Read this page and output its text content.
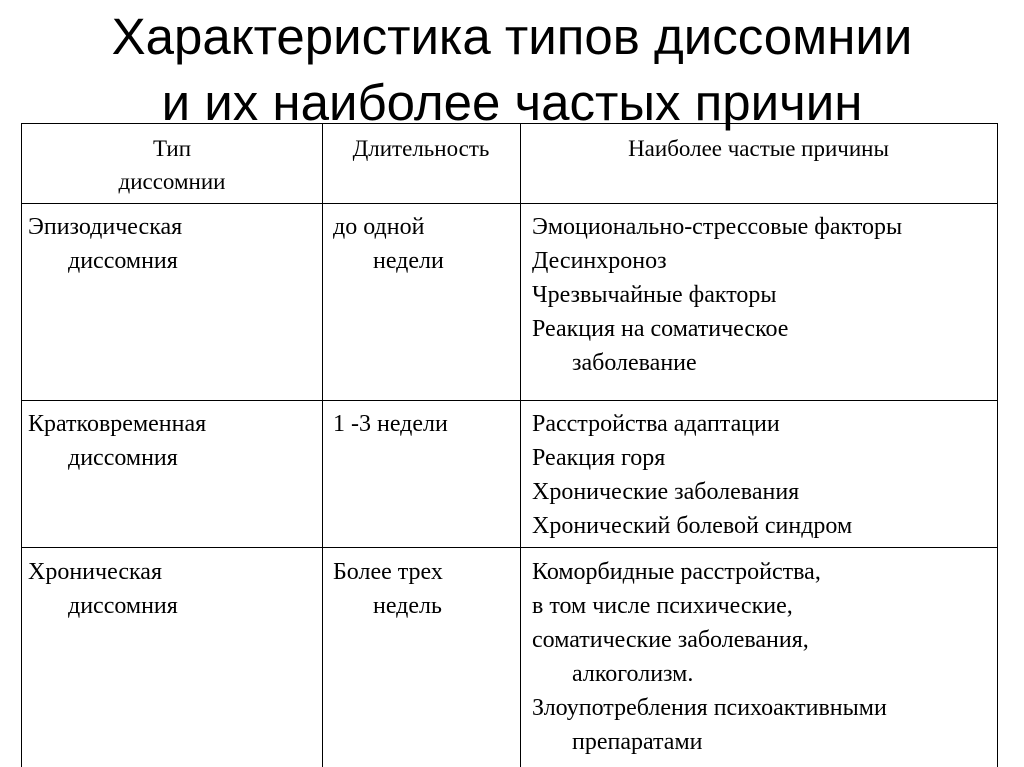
Характеристика типов диссомнии
и их наиболее частых причин
Тип
диссомнии
Длительность	Наиболее частые причины
Эпизодическая
диссомния
до одной
недели
Эмоционально-стрессовые факторы
Десинхроноз
Чрезвычайные факторы
Реакция на соматическое
заболевание
Кратковременная
диссомния
1 -3 недели	Расстройства адаптации
Реакция горя
Хронические заболевания
Хронический болевой синдром
Хроническая
диссомния
Более трех
недель
Коморбидные расстройства,
в том числе психические,
соматические заболевания,
алкоголизм.
Злоупотребления психоактивными
препаратами
